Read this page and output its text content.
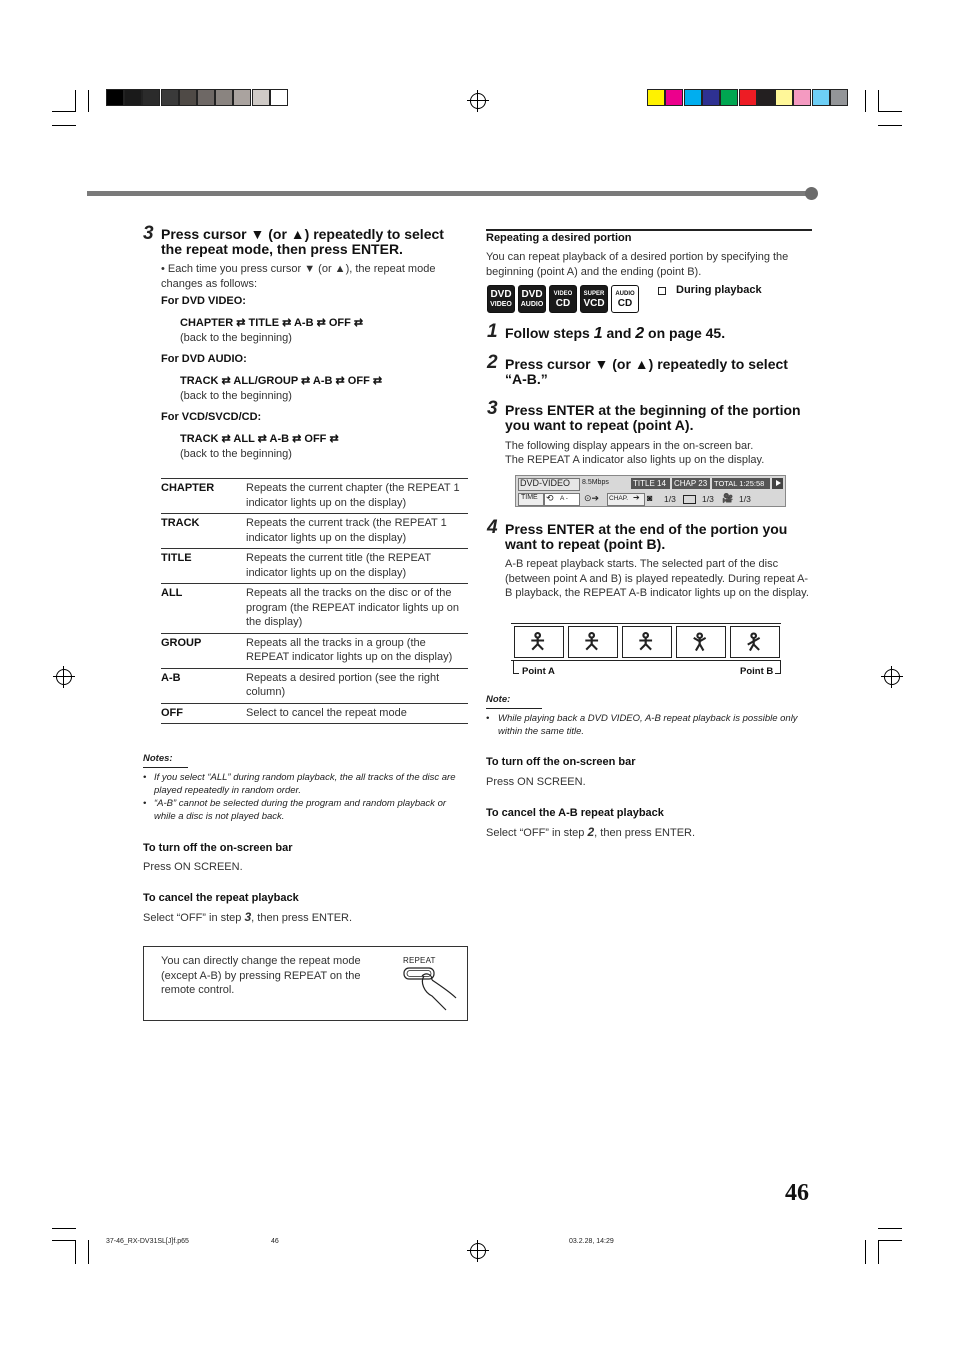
3 Press cursor ▼ (or ▲) repeatedly to select the repeat mode, then press ENTER.
• Each time you press cursor ▼ (or ▲), the repeat mode changes as follows:
For DVD VIDEO:
CHAPTER ⇄ TITLE ⇄ A-B ⇄ OFF ⇄
(back to the beginning)
For DVD AUDIO:
TRACK ⇄ ALL/GROUP ⇄ A-B ⇄ OFF ⇄
(back to the beginning)
For VCD/SVCD/CD:
TRACK ⇄ ALL ⇄ A-B ⇄ OFF ⇄
(back to the beginning)
CHAPTER	Repeats the current chapter (the REPEAT 1 indicator lights up on the display)
TRACK	Repeats the current track (the REPEAT 1 indicator lights up on the display)
TITLE	Repeats the current title (the REPEAT indicator lights up on the display)
ALL	Repeats all the tracks on the disc or of the program (the REPEAT indicator lights up on the display)
GROUP	Repeats all the tracks in a group (the REPEAT indicator lights up on the display)
A-B	Repeats a desired portion (see the right column)
OFF	Select to cancel the repeat mode
Notes:
• If you select “ALL” during random playback, the all tracks of the disc are played repeatedly in random order.
• “A-B” cannot be selected during the program and random playback or while a disc is not played back.
To turn off the on-screen bar
Press ON SCREEN.
To cancel the repeat playback
Select “OFF” in step 3, then press ENTER.
You can directly change the repeat mode (except A-B) by pressing REPEAT on the remote control.
REPEAT
Repeating a desired portion
You can repeat playback of a desired portion by specifying the beginning (point A) and the ending (point B).
DVD
VIDEO
DVD
AUDIO
VIDEO
CD
SUPER
VCD
AUDIO
CD
During playback
1 Follow steps 1 and 2 on page 45.
2 Press cursor ▼ (or ▲) repeatedly to select “A-B.”
3 Press ENTER at the beginning of the portion you want to repeat (point A).
The following display appears in the on-screen bar.
The REPEAT A indicator also lights up on the display.
DVD-VIDEO 8.5Mbps	TITLE 14 CHAP 23 TOTAL 1:25:58
TIME ⟲ A - ⊙➔ CHAP. ➔ ◙ 1/3	1/3 🎥 1/3
4 Press ENTER at the end of the portion you want to repeat (point B).
A-B repeat playback starts. The selected part of the disc (between point A and B) is played repeatedly. During repeat A-B playback, the REPEAT A-B indicator lights up on the display.
🯅 🯅 🯅 🯆 🯇
Point A	Point B
Note:
• While playing back a DVD VIDEO, A-B repeat playback is possible only within the same title.
To turn off the on-screen bar
Press ON SCREEN.
To cancel the A-B repeat playback
Select “OFF” in step 2, then press ENTER.
46
37-46_RX-DV31SL[J]f.p65	46	03.2.28, 14:29
